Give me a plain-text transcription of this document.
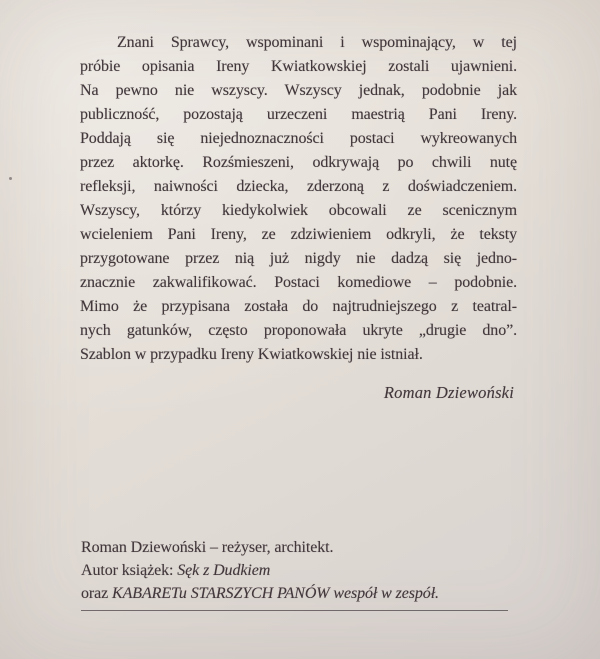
Znani Sprawcy, wspominani i wspominający, w tej
próbie opisania Ireny Kwiatkowskiej zostali ujawnieni.
Na pewno nie wszyscy. Wszyscy jednak, podobnie jak
publiczność, pozostają urzeczeni maestrią Pani Ireny.
Poddają się niejednoznaczności postaci wykreowanych
przez aktorkę. Rozśmieszeni, odkrywają po chwili nutę
refleksji, naiwności dziecka, zderzoną z doświadczeniem.
Wszyscy, którzy kiedykolwiek obcowali ze scenicznym
wcieleniem Pani Ireny, ze zdziwieniem odkryli, że teksty
przygotowane przez nią już nigdy nie dadzą się jedno-
znacznie zakwalifikować. Postaci komediowe – podobnie.
Mimo że przypisana została do najtrudniejszego z teatral-
nych gatunków, często proponowała ukryte „drugie dno”.
Szablon w przypadku Ireny Kwiatkowskiej nie istniał.
Roman Dziewoński
Roman Dziewoński – reżyser, architekt.
Autor książek: Sęk z Dudkiem
oraz KABARETu STARSZYCH PANÓW wespół w zespół.
